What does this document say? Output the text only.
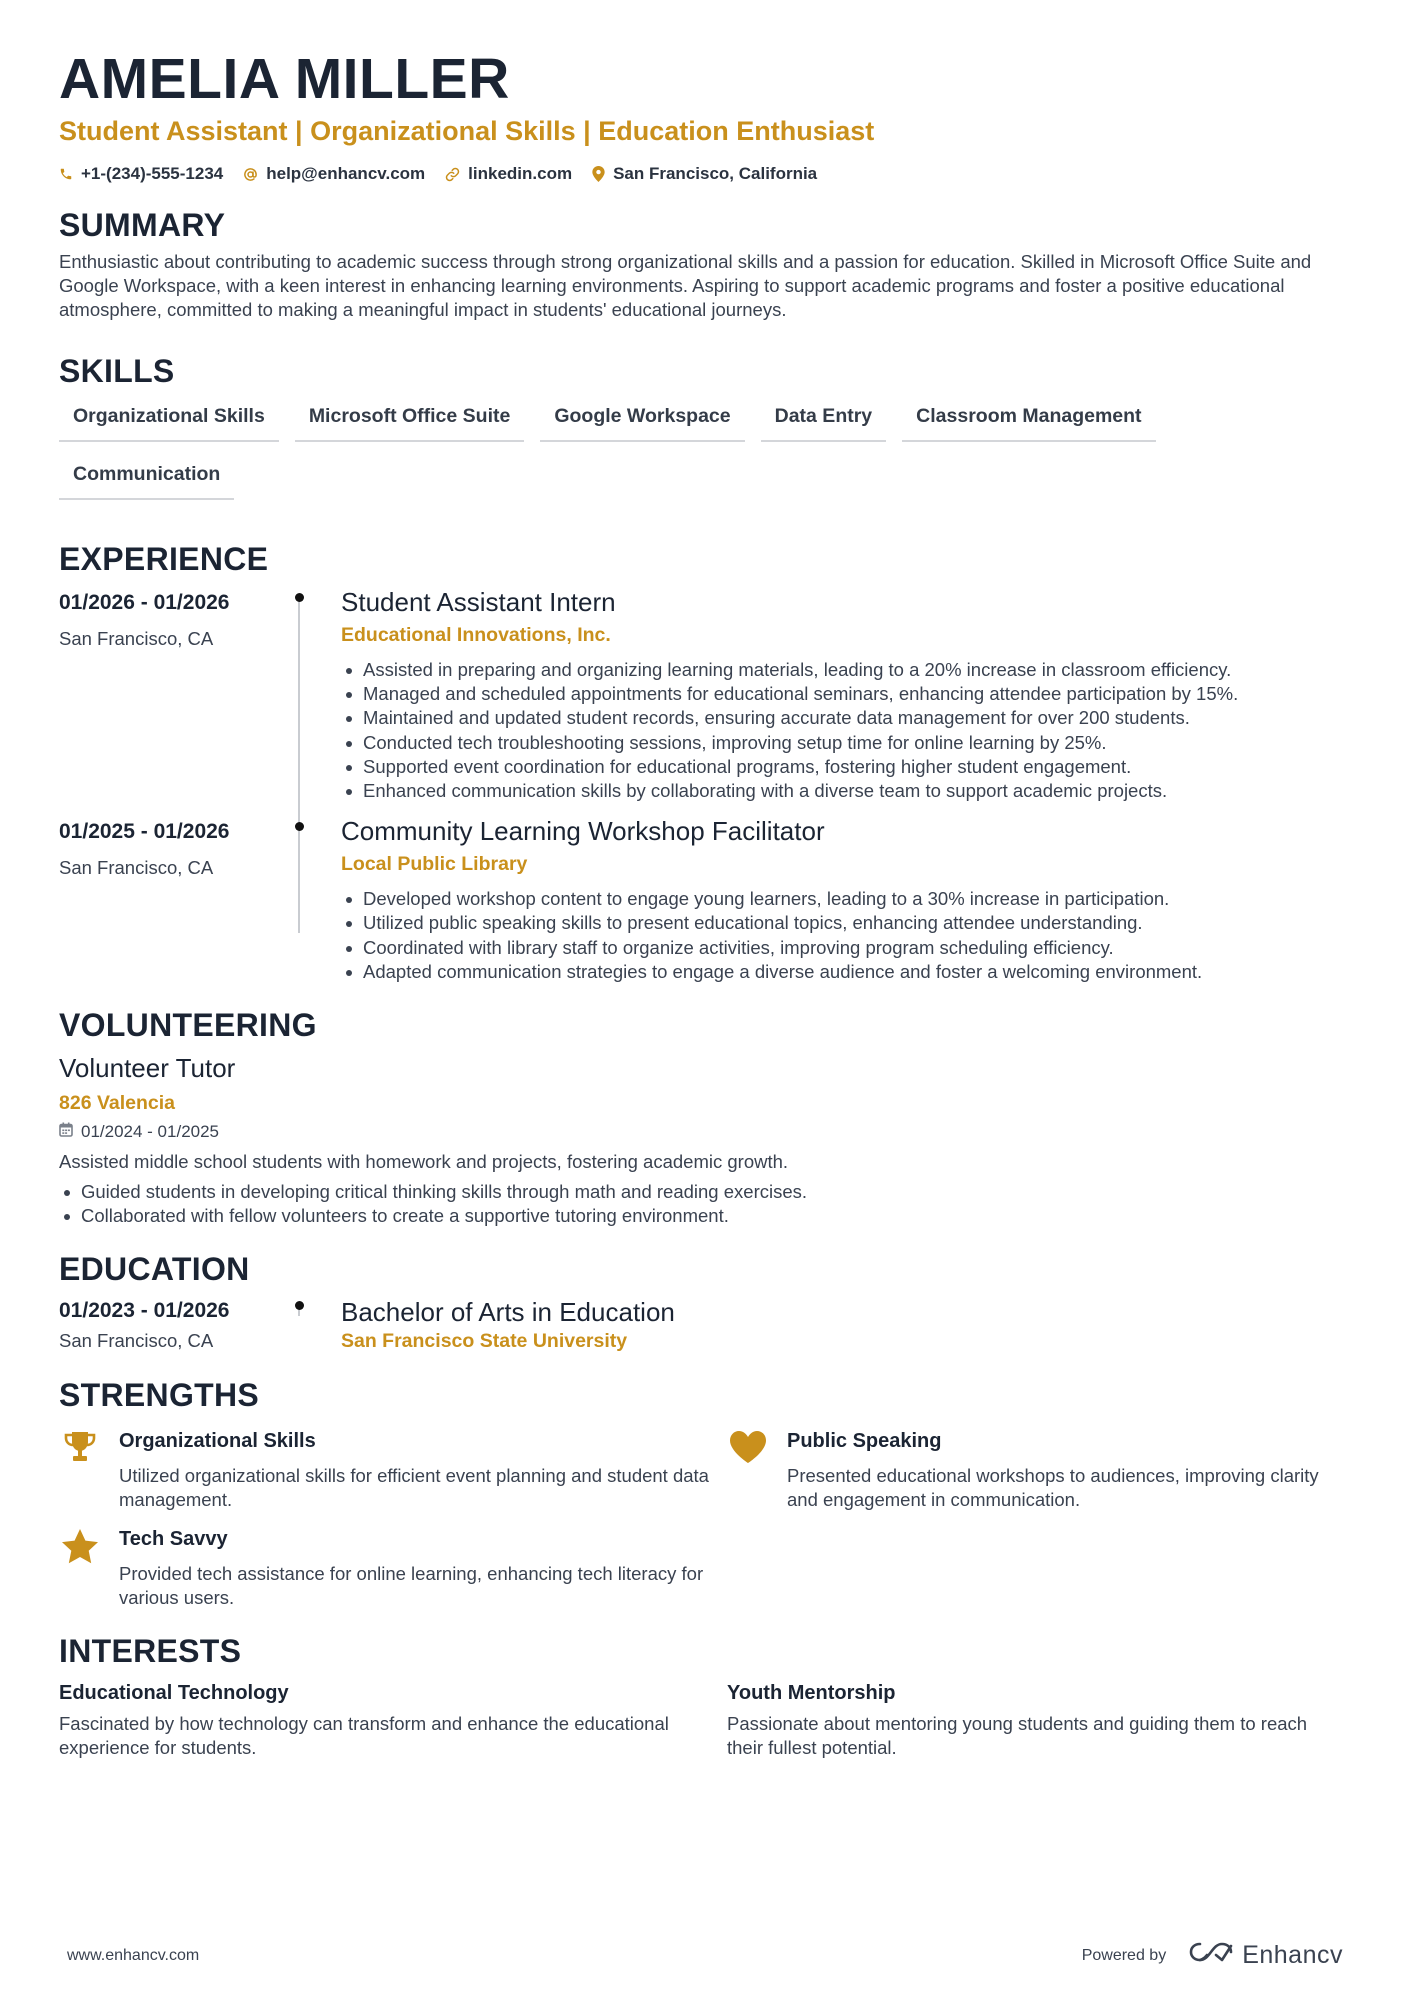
AMELIA MILLER
Student Assistant | Organizational Skills | Education Enthusiast
+1-(234)-555-1234	help@enhancv.com	linkedin.com San Francisco, California
SUMMARY

Enthusiastic about contributing to academic success through strong organizational skills and a passion for education. Skilled in Microsoft Office Suite and Google Workspace, with a keen interest in enhancing learning environments. Aspiring to support academic programs and foster a positive educational atmosphere, committed to making a meaningful impact in students' educational journeys.

SKILLS
Organizational Skills	Microsoft Office Suite	Google Workspace	Data Entry	Classroom Management
Communication
EXPERIENCE
01/2026 - 01/2026
San Francisco, CA
Student Assistant Intern
Educational Innovations, Inc.
Assisted in preparing and organizing learning materials, leading to a 20% increase in classroom efficiency.
Managed and scheduled appointments for educational seminars, enhancing attendee participation by 15%.
Maintained and updated student records, ensuring accurate data management for over 200 students.
Conducted tech troubleshooting sessions, improving setup time for online learning by 25%.
Supported event coordination for educational programs, fostering higher student engagement.
Enhanced communication skills by collaborating with a diverse team to support academic projects.
01/2025 - 01/2026
San Francisco, CA
Community Learning Workshop Facilitator
Local Public Library
Developed workshop content to engage young learners, leading to a 30% increase in participation.
Utilized public speaking skills to present educational topics, enhancing attendee understanding.
Coordinated with library staff to organize activities, improving program scheduling efficiency.
Adapted communication strategies to engage a diverse audience and foster a welcoming environment.
VOLUNTEERING
Volunteer Tutor
826 Valencia
01/2024 - 01/2025

Assisted middle school students with homework and projects, fostering academic growth.

Guided students in developing critical thinking skills through math and reading exercises.
Collaborated with fellow volunteers to create a supportive tutoring environment.
EDUCATION
01/2023 - 01/2026
San Francisco, CA
Bachelor of Arts in Education
San Francisco State University
STRENGTHS
Organizational Skills

Utilized organizational skills for efficient event planning and student data management.

Public Speaking

Presented educational workshops to audiences, improving clarity and engagement in communication.

Tech Savvy

Provided tech assistance for online learning, enhancing tech literacy for various users.

INTERESTS
Educational Technology

Fascinated by how technology can transform and enhance the educational experience for students.

Youth Mentorship

Passionate about mentoring young students and guiding them to reach their fullest potential.

www.enhancv.com	Powered by	Enhancv
